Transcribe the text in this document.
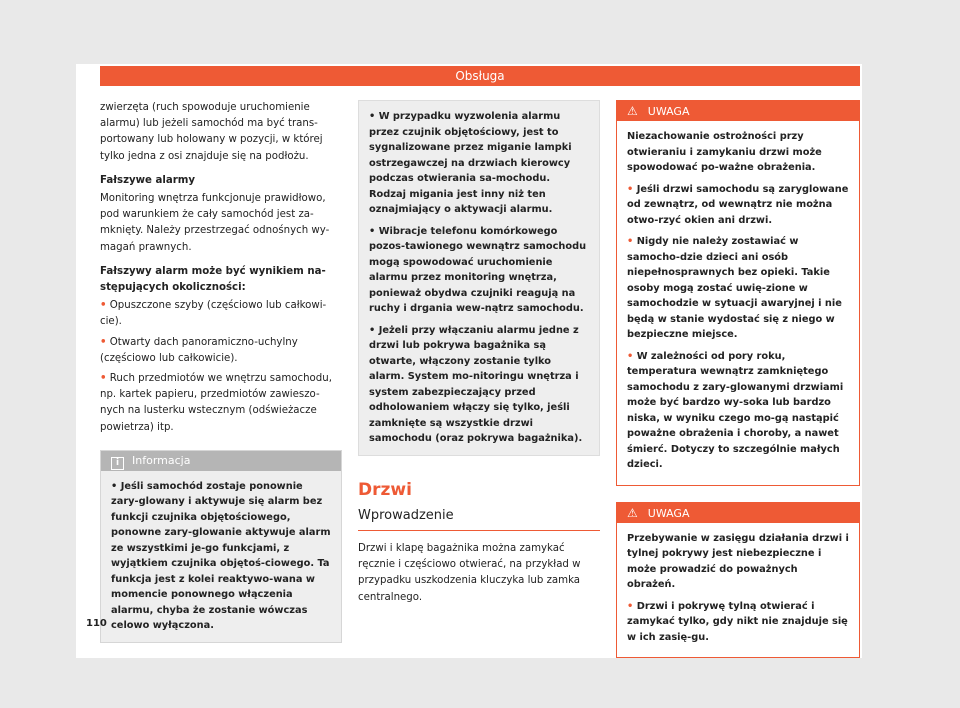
Obsługa

zwierzęta (ruch spowoduje uruchomienie alarmu) lub jeżeli samochód ma być trans-portowany lub holowany w pozycji, w której tylko jedna z osi znajduje się na podłożu.

Fałszywe alarmy

Monitoring wnętrza funkcjonuje prawidłowo, pod warunkiem że cały samochód jest za-mknięty. Należy przestrzegać odnośnych wy-magań prawnych.

Fałszywy alarm może być wynikiem na-stępujących okoliczności:
• Opuszczone szyby (częściowo lub całkowi-cie).
• Otwarty dach panoramiczno-uchylny (częściowo lub całkowicie).
• Ruch przedmiotów we wnętrzu samochodu, np. kartek papieru, przedmiotów zawieszo-nych na lusterku wstecznym (odświeżacze powietrza) itp.
i Informacja
• Jeśli samochód zostaje ponownie zary-glowany i aktywuje się alarm bez funkcji czujnika objętościowego, ponowne zary-glowanie aktywuje alarm ze wszystkimi je-go funkcjami, z wyjątkiem czujnika objętoś-ciowego. Ta funkcja jest z kolei reaktywo-wana w momencie ponownego włączenia alarmu, chyba że zostanie wówczas celowo wyłączona.
• W przypadku wyzwolenia alarmu przez czujnik objętościowy, jest to sygnalizowane przez miganie lampki ostrzegawczej na drzwiach kierowcy podczas otwierania sa-mochodu. Rodzaj migania jest inny niż ten oznajmiający o aktywacji alarmu.
• Wibracje telefonu komórkowego pozos-tawionego wewnątrz samochodu mogą spowodować uruchomienie alarmu przez monitoring wnętrza, ponieważ obydwa czujniki reagują na ruchy i drgania wew-nątrz samochodu.
• Jeżeli przy włączaniu alarmu jedne z drzwi lub pokrywa bagażnika są otwarte, włączony zostanie tylko alarm. System mo-nitoringu wnętrza i system zabezpieczający przed odholowaniem włączy się tylko, jeśli zamknięte są wszystkie drzwi samochodu (oraz pokrywa bagażnika).
Drzwi
Wprowadzenie

Drzwi i klapę bagażnika można zamykać ręcznie i częściowo otwierać, na przykład w przypadku uszkodzenia kluczyka lub zamka centralnego.

⚠ UWAGA

Niezachowanie ostrożności przy otwieraniu i zamykaniu drzwi może spowodować po-ważne obrażenia.

• Jeśli drzwi samochodu są zaryglowane od zewnątrz, od wewnątrz nie można otwo-rzyć okien ani drzwi.
• Nigdy nie należy zostawiać w samocho-dzie dzieci ani osób niepełnosprawnych bez opieki. Takie osoby mogą zostać uwię-zione w samochodzie w sytuacji awaryjnej i nie będą w stanie wydostać się z niego w bezpieczne miejsce.
• W zależności od pory roku, temperatura wewnątrz zamkniętego samochodu z zary-glowanymi drzwiami może być bardzo wy-soka lub bardzo niska, w wyniku czego mo-gą nastąpić poważne obrażenia i choroby, a nawet śmierć. Dotyczy to szczególnie małych dzieci.
⚠ UWAGA

Przebywanie w zasięgu działania drzwi i tylnej pokrywy jest niebezpieczne i może prowadzić do poważnych obrażeń.

• Drzwi i pokrywę tylną otwierać i zamykać tylko, gdy nikt nie znajduje się w ich zasię-gu.
110
